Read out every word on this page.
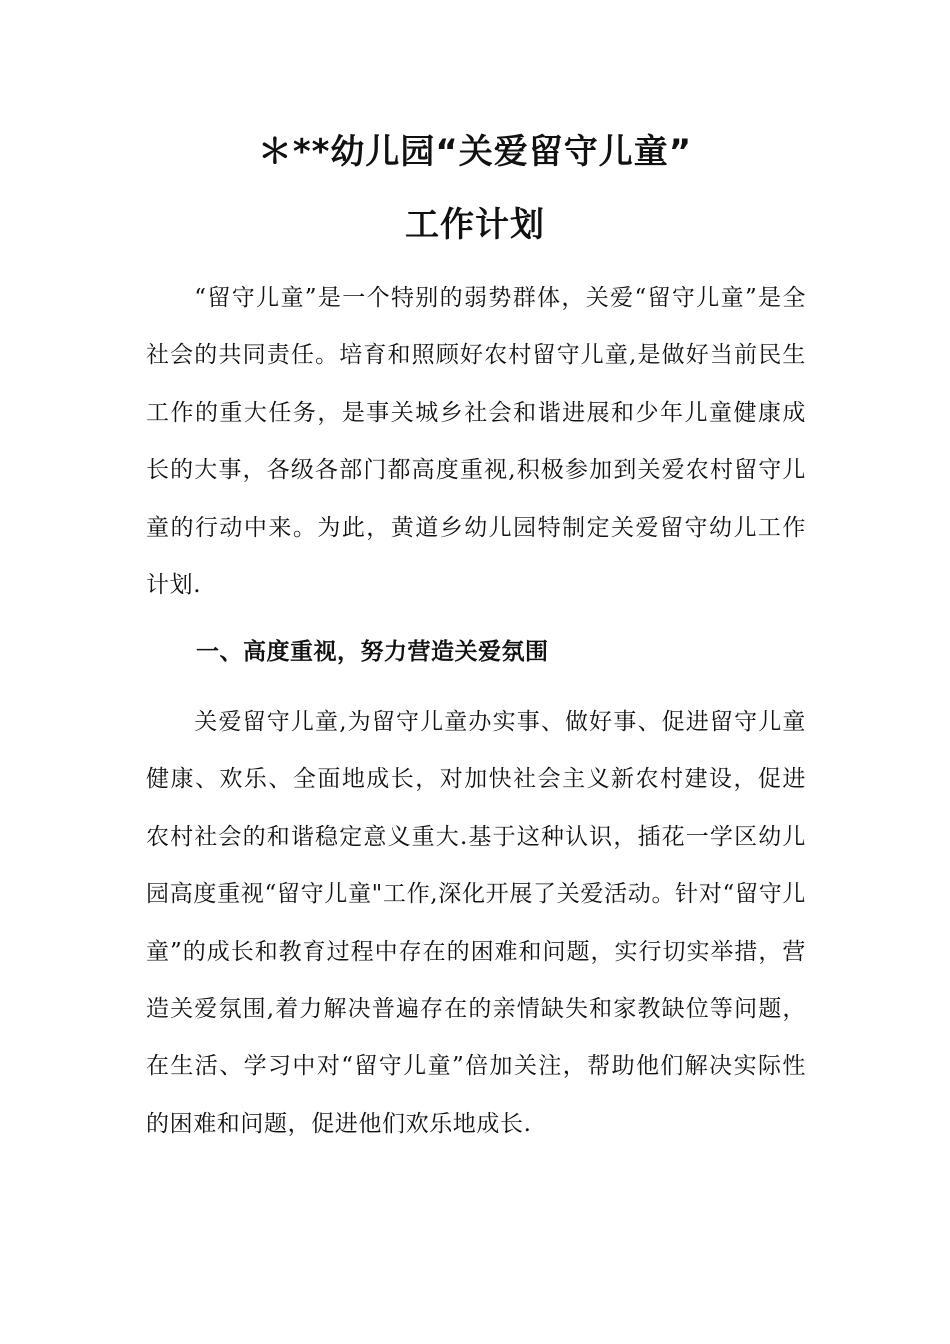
＊**幼儿园“关爱留守儿童”
工作计划

“留守儿童”是一个特别的弱势群体，关爱“留守儿童”是全社会的共同责任。培育和照顾好农村留守儿童,是做好当前民生工作的重大任务，是事关城乡社会和谐进展和少年儿童健康成长的大事，各级各部门都高度重视,积极参加到关爱农村留守儿童的行动中来。为此，黄道乡幼儿园特制定关爱留守幼儿工作计划.

一、高度重视，努力营造关爱氛围

关爱留守儿童,为留守儿童办实事、做好事、促进留守儿童健康、欢乐、全面地成长，对加快社会主义新农村建设，促进农村社会的和谐稳定意义重大.基于这种认识，插花一学区幼儿园高度重视“留守儿童"工作,深化开展了关爱活动。针对“留守儿童”的成长和教育过程中存在的困难和问题，实行切实举措，营造关爱氛围,着力解决普遍存在的亲情缺失和家教缺位等问题，在生活、学习中对“留守儿童”倍加关注，帮助他们解决实际性的困难和问题，促进他们欢乐地成长.
